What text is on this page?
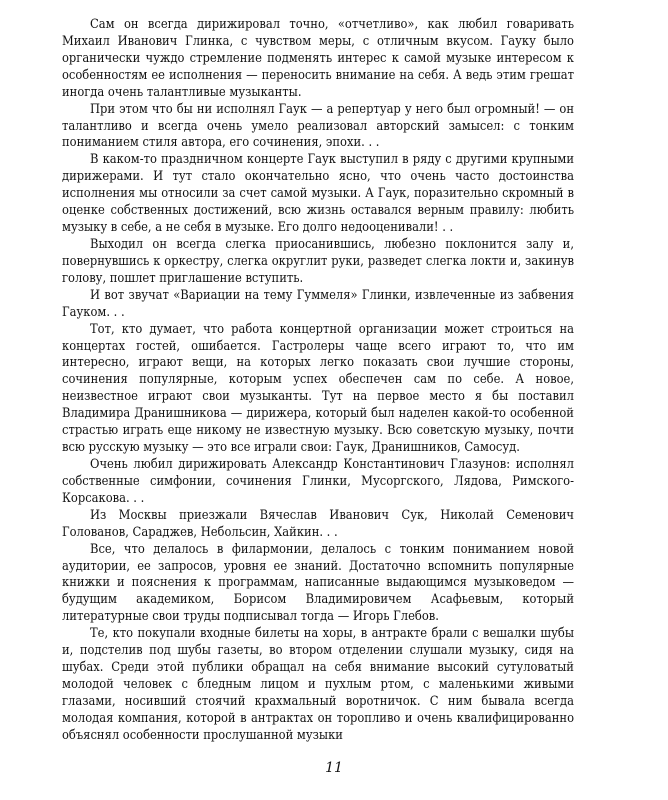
Сам он всегда дирижировал точно, «отчетливо», как любил говаривать Михаил Иванович Глинка, с чувством меры, с отличным вкусом. Гауку было органически чуждо стремление подменять интерес к самой музыке интересом к особенностям ее исполнения — переносить внимание на себя. А ведь этим грешат иногда очень талантливые музыканты.

При этом что бы ни исполнял Гаук — а репертуар у него был огромный! — он талантливо и всегда очень умело реализовал авторский замысел: с тонким пониманием стиля автора, его сочинения, эпохи. . .

В каком-то праздничном концерте Гаук выступил в ряду с другими крупными дирижерами. И тут стало окончательно ясно, что очень часто достоинства исполнения мы относили за счет самой музыки. А Гаук, поразительно скромный в оценке собственных достижений, всю жизнь оставался верным правилу: любить музыку в себе, а не себя в музыке. Его долго недооценивали! . .

Выходил он всегда слегка приосанившись, любезно поклонится залу и, повернувшись к оркестру, слегка округлит руки, разведет слегка локти и, закинув голову, пошлет приглашение вступить.

И вот звучат «Вариации на тему Гуммеля» Глинки, извлеченные из забвения Гауком. . .

Тот, кто думает, что работа концертной организации может строиться на концертах гостей, ошибается. Гастролеры чаще всего играют то, что им интересно, играют вещи, на которых легко показать свои лучшие стороны, сочинения популярные, которым успех обеспечен сам по себе. А новое, неизвестное играют свои музыканты. Тут на первое место я бы поставил Владимира Дранишникова — дирижера, который был наделен какой-то особенной страстью играть еще никому не известную музыку. Всю советскую музыку, почти всю русскую музыку — это все играли свои: Гаук, Дранишников, Самосуд.

Очень любил дирижировать Александр Константинович Глазунов: исполнял собственные симфонии, сочинения Глинки, Мусоргского, Лядова, Римского-Корсакова. . .

Из Москвы приезжали Вячеслав Иванович Сук, Николай Семенович Голованов, Сараджев, Небольсин, Хайкин. . .

Все, что делалось в филармонии, делалось с тонким пониманием новой аудитории, ее запросов, уровня ее знаний. Достаточно вспомнить популярные книжки и пояснения к программам, написанные выдающимся музыковедом — будущим академиком, Борисом Владимировичем Асафьевым, который литературные свои труды подписывал тогда — Игорь Глебов.

Те, кто покупали входные билеты на хоры, в антракте брали с вешалки шубы и, подстелив под шубы газеты, во втором отделении слушали музыку, сидя на шубах. Среди этой публики обращал на себя внимание высокий сутуловатый молодой человек с бледным лицом и пухлым ртом, с маленькими живыми глазами, носивший стоячий крахмальный воротничок. С ним бывала всегда молодая компания, которой в антрактах он торопливо и очень квалифицированно объяснял особенности прослушанной музыки

11
